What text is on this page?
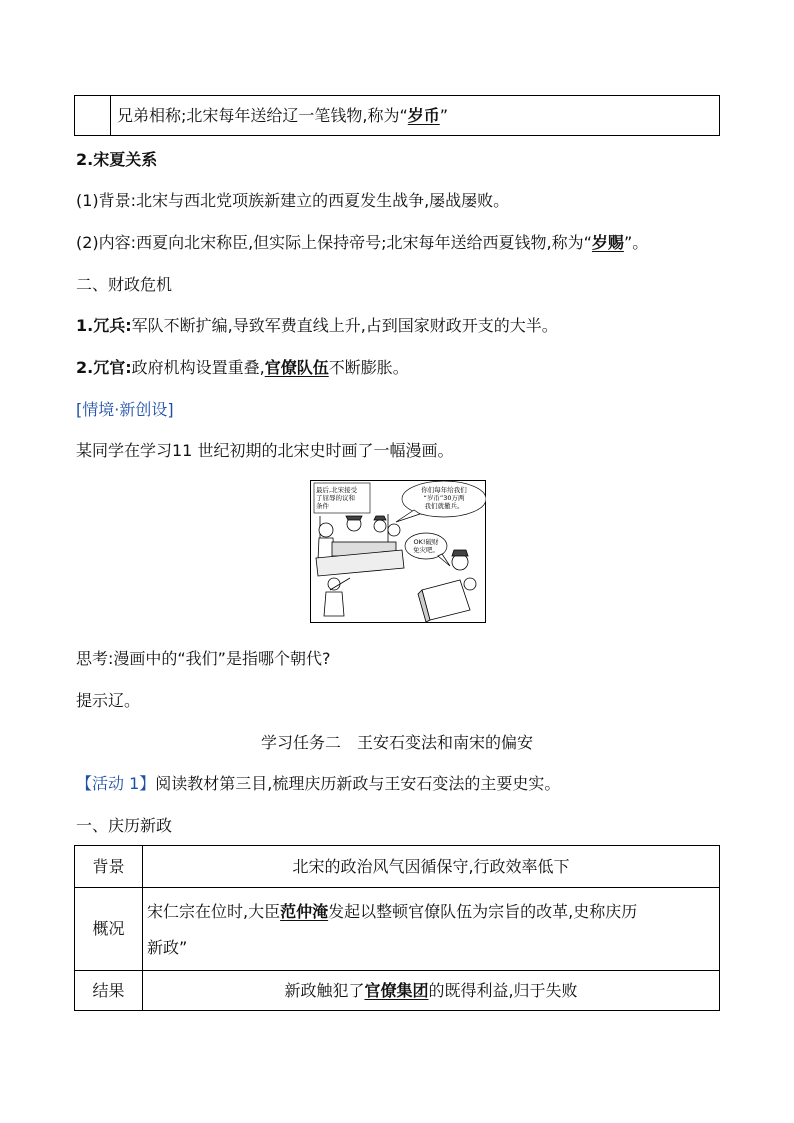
兄弟相称;北宋每年送给辽一笔钱物,称为“岁币”
2.宋夏关系
(1)背景:北宋与西北党项族新建立的西夏发生战争,屡战屡败。
(2)内容:西夏向北宋称臣,但实际上保持帝号;北宋每年送给西夏钱物,称为“岁赐”。
二、财政危机
1.冗兵:军队不断扩编,导致军费直线上升,占到国家财政开支的大半。
2.冗官:政府机构设置重叠,官僚队伍不断膨胀。
[情境·新创设]
某同学在学习11 世纪初期的北宋史时画了一幅漫画。
最后,北宋接受
了屈辱的议和
条件
你们每年给我们
“岁币”30万两
我们就撤兵。
OK!破财
免灾吧。
思考:漫画中的“我们”是指哪个朝代?
提示辽。
学习任务二　王安石变法和南宋的偏安
【活动 1】阅读教材第三目,梳理庆历新政与王安石变法的主要史实。
一、庆历新政
背景	北宋的政治风气因循保守,行政效率低下
概况
宋仁宗在位时,大臣范仲淹发起以整顿官僚队伍为宗旨的改革,史称庆历
新政”
结果	新政触犯了 官僚集团 的既得利益,归于失败
